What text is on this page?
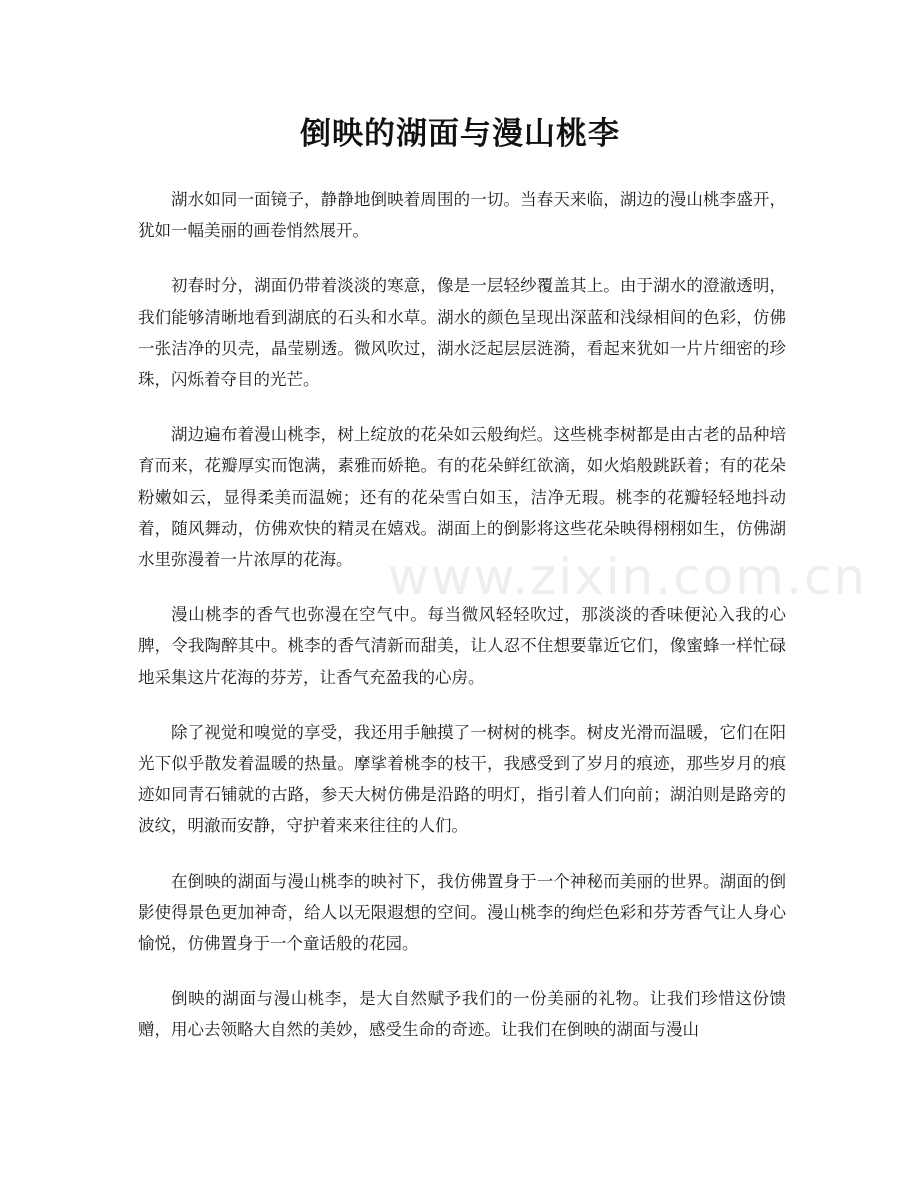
倒映的湖面与漫山桃李

湖水如同一面镜子，静静地倒映着周围的一切。当春天来临，湖边的漫山桃李盛开，犹如一幅美丽的画卷悄然展开。

初春时分，湖面仍带着淡淡的寒意，像是一层轻纱覆盖其上。由于湖水的澄澈透明，我们能够清晰地看到湖底的石头和水草。湖水的颜色呈现出深蓝和浅绿相间的色彩，仿佛一张洁净的贝壳，晶莹剔透。微风吹过，湖水泛起层层涟漪，看起来犹如一片片细密的珍珠，闪烁着夺目的光芒。

湖边遍布着漫山桃李，树上绽放的花朵如云般绚烂。这些桃李树都是由古老的品种培育而来，花瓣厚实而饱满，素雅而娇艳。有的花朵鲜红欲滴，如火焰般跳跃着；有的花朵粉嫩如云，显得柔美而温婉；还有的花朵雪白如玉，洁净无瑕。桃李的花瓣轻轻地抖动着，随风舞动，仿佛欢快的精灵在嬉戏。湖面上的倒影将这些花朵映得栩栩如生，仿佛湖水里弥漫着一片浓厚的花海。

漫山桃李的香气也弥漫在空气中。每当微风轻轻吹过，那淡淡的香味便沁入我的心脾，令我陶醉其中。桃李的香气清新而甜美，让人忍不住想要靠近它们，像蜜蜂一样忙碌地采集这片花海的芬芳，让香气充盈我的心房。

除了视觉和嗅觉的享受，我还用手触摸了一树树的桃李。树皮光滑而温暖，它们在阳光下似乎散发着温暖的热量。摩挲着桃李的枝干，我感受到了岁月的痕迹，那些岁月的痕迹如同青石铺就的古路，参天大树仿佛是沿路的明灯，指引着人们向前；湖泊则是路旁的波纹，明澈而安静，守护着来来往往的人们。

在倒映的湖面与漫山桃李的映衬下，我仿佛置身于一个神秘而美丽的世界。湖面的倒影使得景色更加神奇，给人以无限遐想的空间。漫山桃李的绚烂色彩和芬芳香气让人身心愉悦，仿佛置身于一个童话般的花园。

倒映的湖面与漫山桃李，是大自然赋予我们的一份美丽的礼物。让我们珍惜这份馈赠，用心去领略大自然的美妙，感受生命的奇迹。让我们在倒映的湖面与漫山

www.zixin.com.cn
